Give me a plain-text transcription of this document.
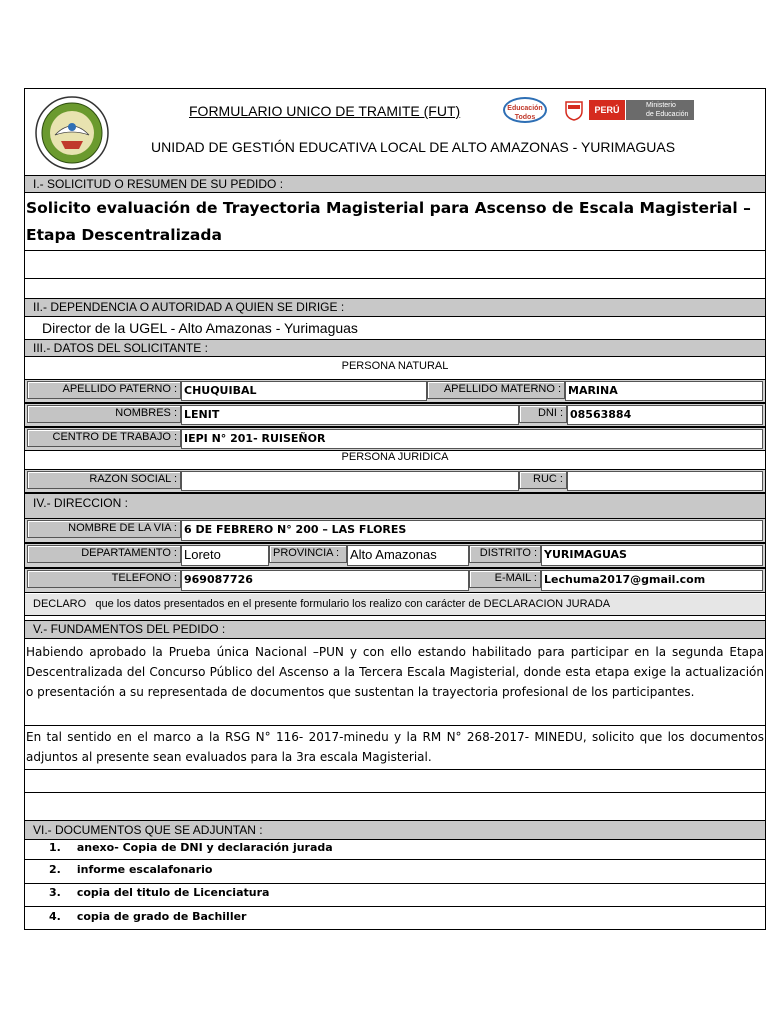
FORMULARIO UNICO DE TRAMITE (FUT)	Educación Todos
PERÚ	Ministerio
de Educación
UNIDAD DE GESTIÓN EDUCATIVA LOCAL DE ALTO AMAZONAS - YURIMAGUAS
I.- SOLICITUD O RESUMEN DE SU PEDIDO :
Solicito evaluación de Trayectoria Magisterial para Ascenso de Escala Magisterial – Etapa Descentralizada
II.- DEPENDENCIA O AUTORIDAD A QUIEN SE DIRIGE :
Director de la UGEL - Alto Amazonas - Yurimaguas
III.- DATOS DEL SOLICITANTE :
PERSONA NATURAL
APELLIDO PATERNO : CHUQUIBAL	APELLIDO MATERNO : MARINA
NOMBRES : LENIT	DNI : 08563884
CENTRO DE TRABAJO : IEPI N° 201- RUISEÑOR
PERSONA JURIDICA
RAZON SOCIAL :	RUC :
IV.- DIRECCION :
NOMBRE DE LA VIA : 6 DE FEBRERO N° 200 – LAS FLORES
DEPARTAMENTO : Loreto	PROVINCIA : Alto Amazonas	DISTRITO : YURIMAGUAS
TELEFONO : 969087726	E-MAIL : Lechuma2017@gmail.com
DECLARO   que los datos presentados en el presente formulario los realizo con carácter de DECLARACION JURADA
V.- FUNDAMENTOS DEL PEDIDO :
Habiendo aprobado la Prueba única Nacional –PUN y con ello estando habilitado para participar en la segunda Etapa Descentralizada del Concurso Público del Ascenso a la Tercera Escala Magisterial, donde esta etapa exige la actualización o presentación a su representada de documentos que sustentan la trayectoria profesional de los participantes.
En tal sentido en el marco a la RSG N° 116- 2017-minedu y la RM N° 268-2017- MINEDU, solicito que los documentos adjuntos al presente sean evaluados para la 3ra escala Magisterial.
VI.- DOCUMENTOS QUE SE ADJUNTAN :
1. anexo- Copia de DNI y declaración jurada
2. informe escalafonario
3. copia del titulo de Licenciatura
4. copia de grado de Bachiller
